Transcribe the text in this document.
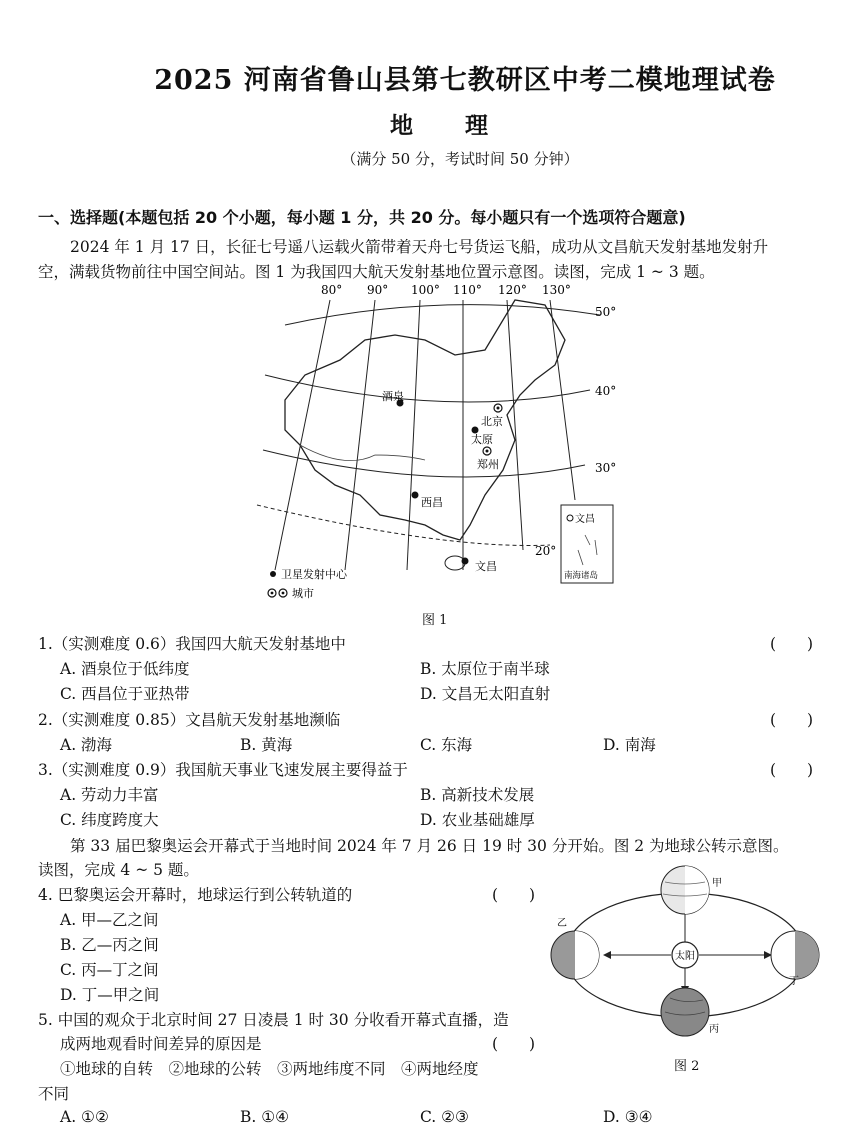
2025 河南省鲁山县第七教研区中考二模地理试卷
地 理
（满分 50 分，考试时间 50 分钟）
一、选择题(本题包括 20 个小题，每小题 1 分，共 20 分。每小题只有一个选项符合题意)
2024 年 1 月 17 日，长征七号遥八运载火箭带着天舟七号货运飞船，成功从文昌航天发射基地发射升
空，满载货物前往中国空间站。图 1 为我国四大航天发射基地位置示意图。读图，完成 1 ~ 3 题。
80° 90° 100° 110° 120° 130°
50°
40°
30°
20°
酒泉
北京
太原
郑州
西昌
文昌
文昌
南海诸岛
卫星发射中心
城市
图 1
1.（实测难度 0.6）我国四大航天发射基地中	(　　)
A. 酒泉位于低纬度	B. 太原位于南半球
C. 西昌位于亚热带	D. 文昌无太阳直射
2.（实测难度 0.85）文昌航天发射基地濒临	(　　)
A. 渤海	B. 黄海	C. 东海	D. 南海
3.（实测难度 0.9）我国航天事业飞速发展主要得益于	(　　)
A. 劳动力丰富	B. 高新技术发展
C. 纬度跨度大	D. 农业基础雄厚
第 33 届巴黎奥运会开幕式于当地时间 2024 年 7 月 26 日 19 时 30 分开始。图 2 为地球公转示意图。
读图，完成 4 ~ 5 题。
4. 巴黎奥运会开幕时，地球运行到公转轨道的	(　　)
A. 甲—乙之间
B. 乙—丙之间
C. 丙—丁之间
D. 丁—甲之间
5. 中国的观众于北京时间 27 日凌晨 1 时 30 分收看开幕式直播，造
成两地观看时间差异的原因是	(　　)
①地球的自转　②地球的公转　③两地纬度不同　④两地经度
不同
A. ①②	B. ①④	C. ②③	D. ③④
太阳
甲
乙
丙
丁
图 2
